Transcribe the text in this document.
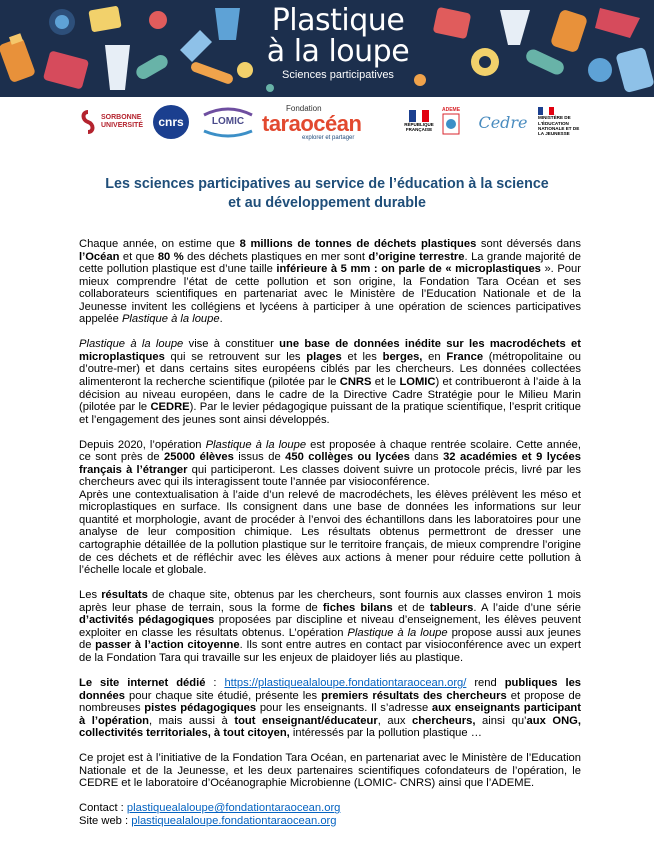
Plastique
à la loupe
Sciences participatives
SORBONNE
UNIVERSITÉ cnrs	LOMIC
Fondation
taraocéan
explorer et partager
RÉPUBLIQUE FRANÇAISE
ADEME
Cedre MINISTÈRE DE L'ÉDUCATION NATIONALE ET DE LA JEUNESSE
Les sciences participatives au service de l’éducation à la science
et au développement durable

Chaque année, on estime que 8 millions de tonnes de déchets plastiques sont déversés dans l’Océan et que 80 % des déchets plastiques en mer sont d’origine terrestre. La grande majorité de cette pollution plastique est d’une taille inférieure à 5 mm : on parle de « microplastiques ». Pour mieux comprendre l’état de cette pollution et son origine, la Fondation Tara Océan et ses collaborateurs scientifiques en partenariat avec le Ministère de l’Education Nationale et de la Jeunesse invitent les collégiens et lycéens à participer à une opération de sciences participatives appelée Plastique à la loupe.

Plastique à la loupe vise à constituer une base de données inédite sur les macrodéchets et microplastiques qui se retrouvent sur les plages et les berges, en France (métropolitaine ou d’outre-mer) et dans certains sites européens ciblés par les chercheurs. Les données collectées alimenteront la recherche scientifique (pilotée par le CNRS et le LOMIC) et contribueront à l’aide à la décision au niveau européen, dans le cadre de la Directive Cadre Stratégie pour le Milieu Marin (pilotée par le CEDRE). Par le levier pédagogique puissant de la pratique scientifique, l’esprit critique et l’engagement des jeunes sont ainsi développés.

Depuis 2020, l’opération Plastique à la loupe est proposée à chaque rentrée scolaire. Cette année, ce sont près de 25000 élèves issus de 450 collèges ou lycées dans 32 académies et 9 lycées français à l’étranger qui participeront. Les classes doivent suivre un protocole précis, livré par les chercheurs avec qui ils interagissent toute l’année par visioconférence.

Après une contextualisation à l’aide d’un relevé de macrodéchets, les élèves prélèvent les méso et microplastiques en surface. Ils consignent dans une base de données les informations sur leur quantité et morphologie, avant de procéder à l’envoi des échantillons dans les laboratoires pour une analyse de leur composition chimique. Les résultats obtenus permettront de dresser une cartographie détaillée de la pollution plastique sur le territoire français, de mieux comprendre l’origine de ces déchets et de réfléchir avec les élèves aux actions à mener pour réduire cette pollution à l’échelle locale et globale.

Les résultats de chaque site, obtenus par les chercheurs, sont fournis aux classes environ 1 mois après leur phase de terrain, sous la forme de fiches bilans et de tableurs. A l’aide d’une série d’activités pédagogiques proposées par discipline et niveau d’enseignement, les élèves peuvent exploiter en classe les résultats obtenus. L’opération Plastique à la loupe propose aussi aux jeunes de passer à l’action citoyenne. Ils sont entre autres en contact par visioconférence avec un expert de la Fondation Tara qui travaille sur les enjeux de plaidoyer liés au plastique.

Le site internet dédié : https://plastiquealaloupe.fondationtaraocean.org/ rend publiques les données pour chaque site étudié, présente les premiers résultats des chercheurs et propose de nombreuses pistes pédagogiques pour les enseignants. Il s’adresse aux enseignants participant à l’opération, mais aussi à tout enseignant/éducateur, aux chercheurs, ainsi qu’aux ONG, collectivités territoriales, à tout citoyen, intéressés par la pollution plastique …

Ce projet est à l’initiative de la Fondation Tara Océan, en partenariat avec le Ministère de l’Education Nationale et de la Jeunesse, et les deux partenaires scientifiques cofondateurs de l’opération, le CEDRE et le laboratoire d’Océanographie Microbienne (LOMIC- CNRS) ainsi que l’ADEME.

Contact : plastiquealaloupe@fondationtaraocean.org
Site web : plastiquealaloupe.fondationtaraocean.org
